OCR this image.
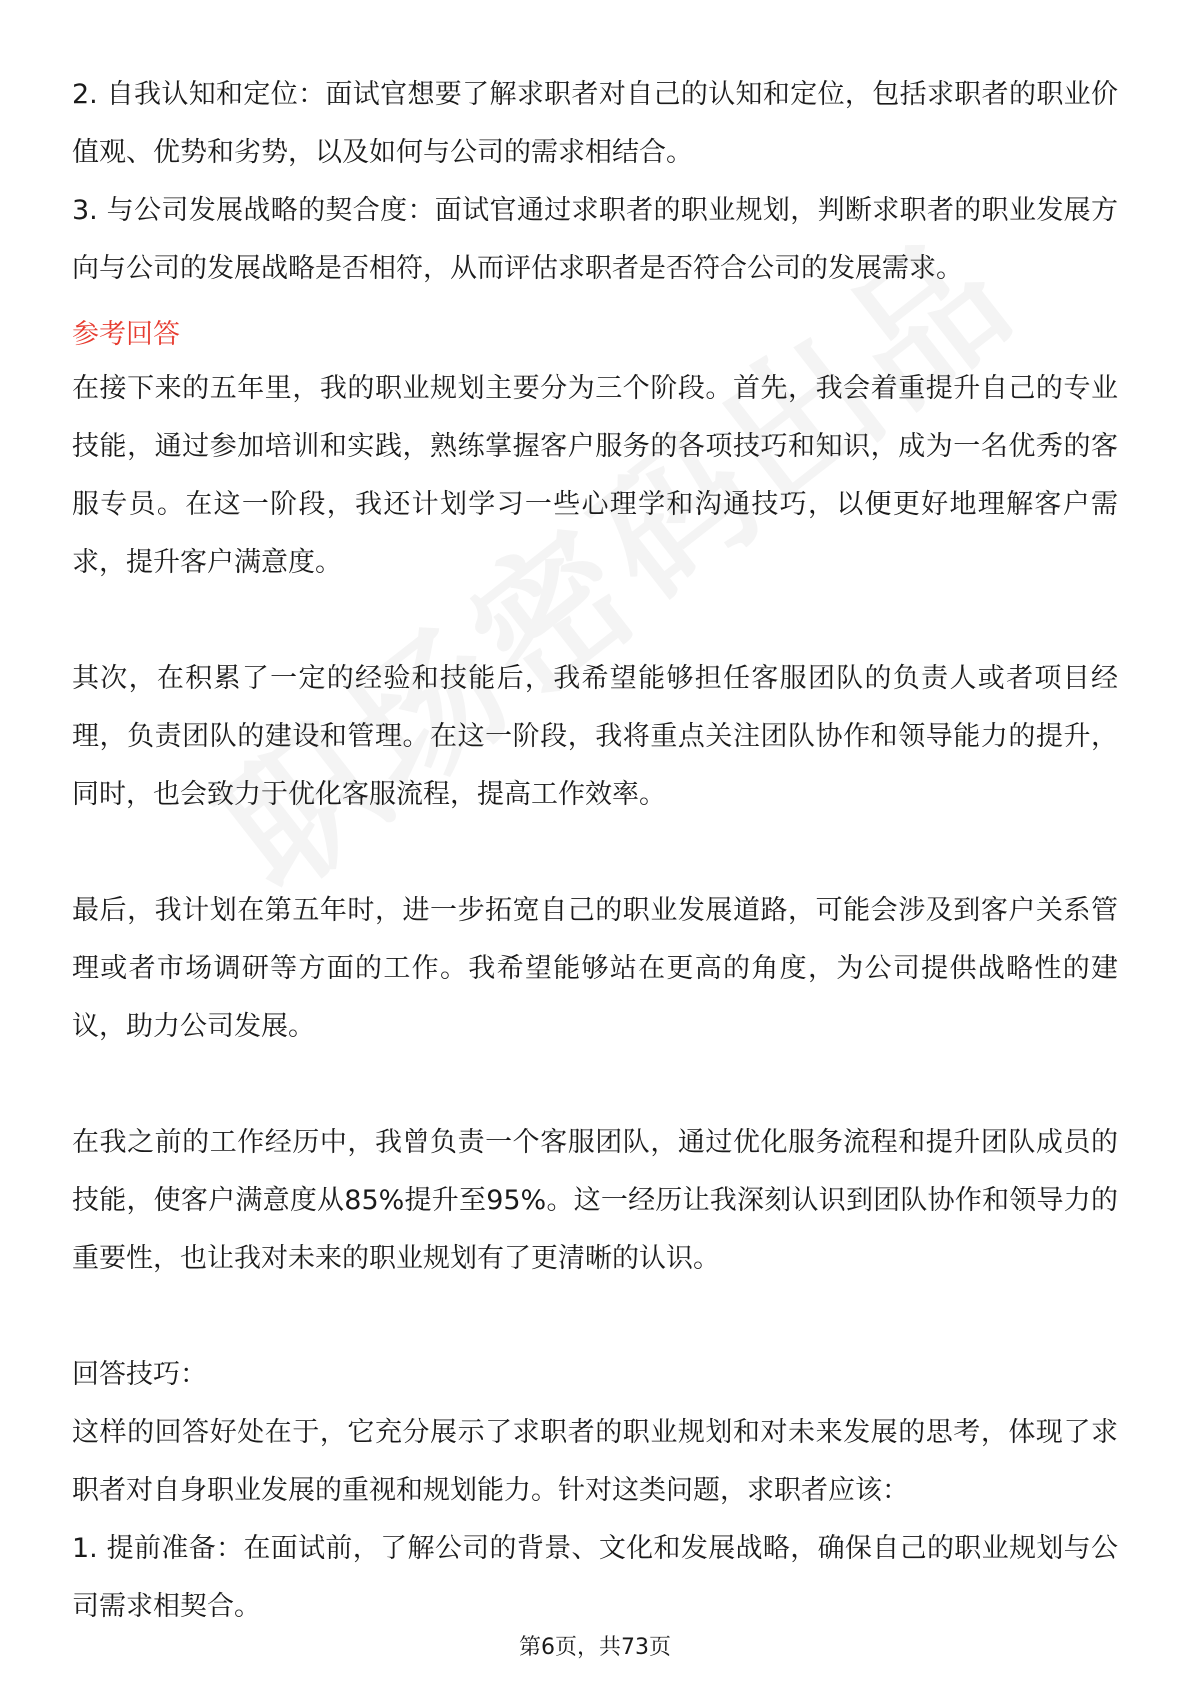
2. 自我认知和定位：面试官想要了解求职者对自己的认知和定位，包括求职者的职业价值观、优势和劣势，以及如何与公司的需求相结合。

3. 与公司发展战略的契合度：面试官通过求职者的职业规划，判断求职者的职业发展方向与公司的发展战略是否相符，从而评估求职者是否符合公司的发展需求。

参考回答

在接下来的五年里，我的职业规划主要分为三个阶段。首先，我会着重提升自己的专业技能，通过参加培训和实践，熟练掌握客户服务的各项技巧和知识，成为一名优秀的客服专员。在这一阶段，我还计划学习一些心理学和沟通技巧，以便更好地理解客户需求，提升客户满意度。

其次，在积累了一定的经验和技能后，我希望能够担任客服团队的负责人或者项目经理，负责团队的建设和管理。在这一阶段，我将重点关注团队协作和领导能力的提升，同时，也会致力于优化客服流程，提高工作效率。

最后，我计划在第五年时，进一步拓宽自己的职业发展道路，可能会涉及到客户关系管理或者市场调研等方面的工作。我希望能够站在更高的角度，为公司提供战略性的建议，助力公司发展。

在我之前的工作经历中，我曾负责一个客服团队，通过优化服务流程和提升团队成员的技能，使客户满意度从85%提升至95%。这一经历让我深刻认识到团队协作和领导力的重要性，也让我对未来的职业规划有了更清晰的认识。

回答技巧：

这样的回答好处在于，它充分展示了求职者的职业规划和对未来发展的思考，体现了求职者对自身职业发展的重视和规划能力。针对这类问题，求职者应该：

1. 提前准备：在面试前，了解公司的背景、文化和发展战略，确保自己的职业规划与公司需求相契合。

第6页，共73页
